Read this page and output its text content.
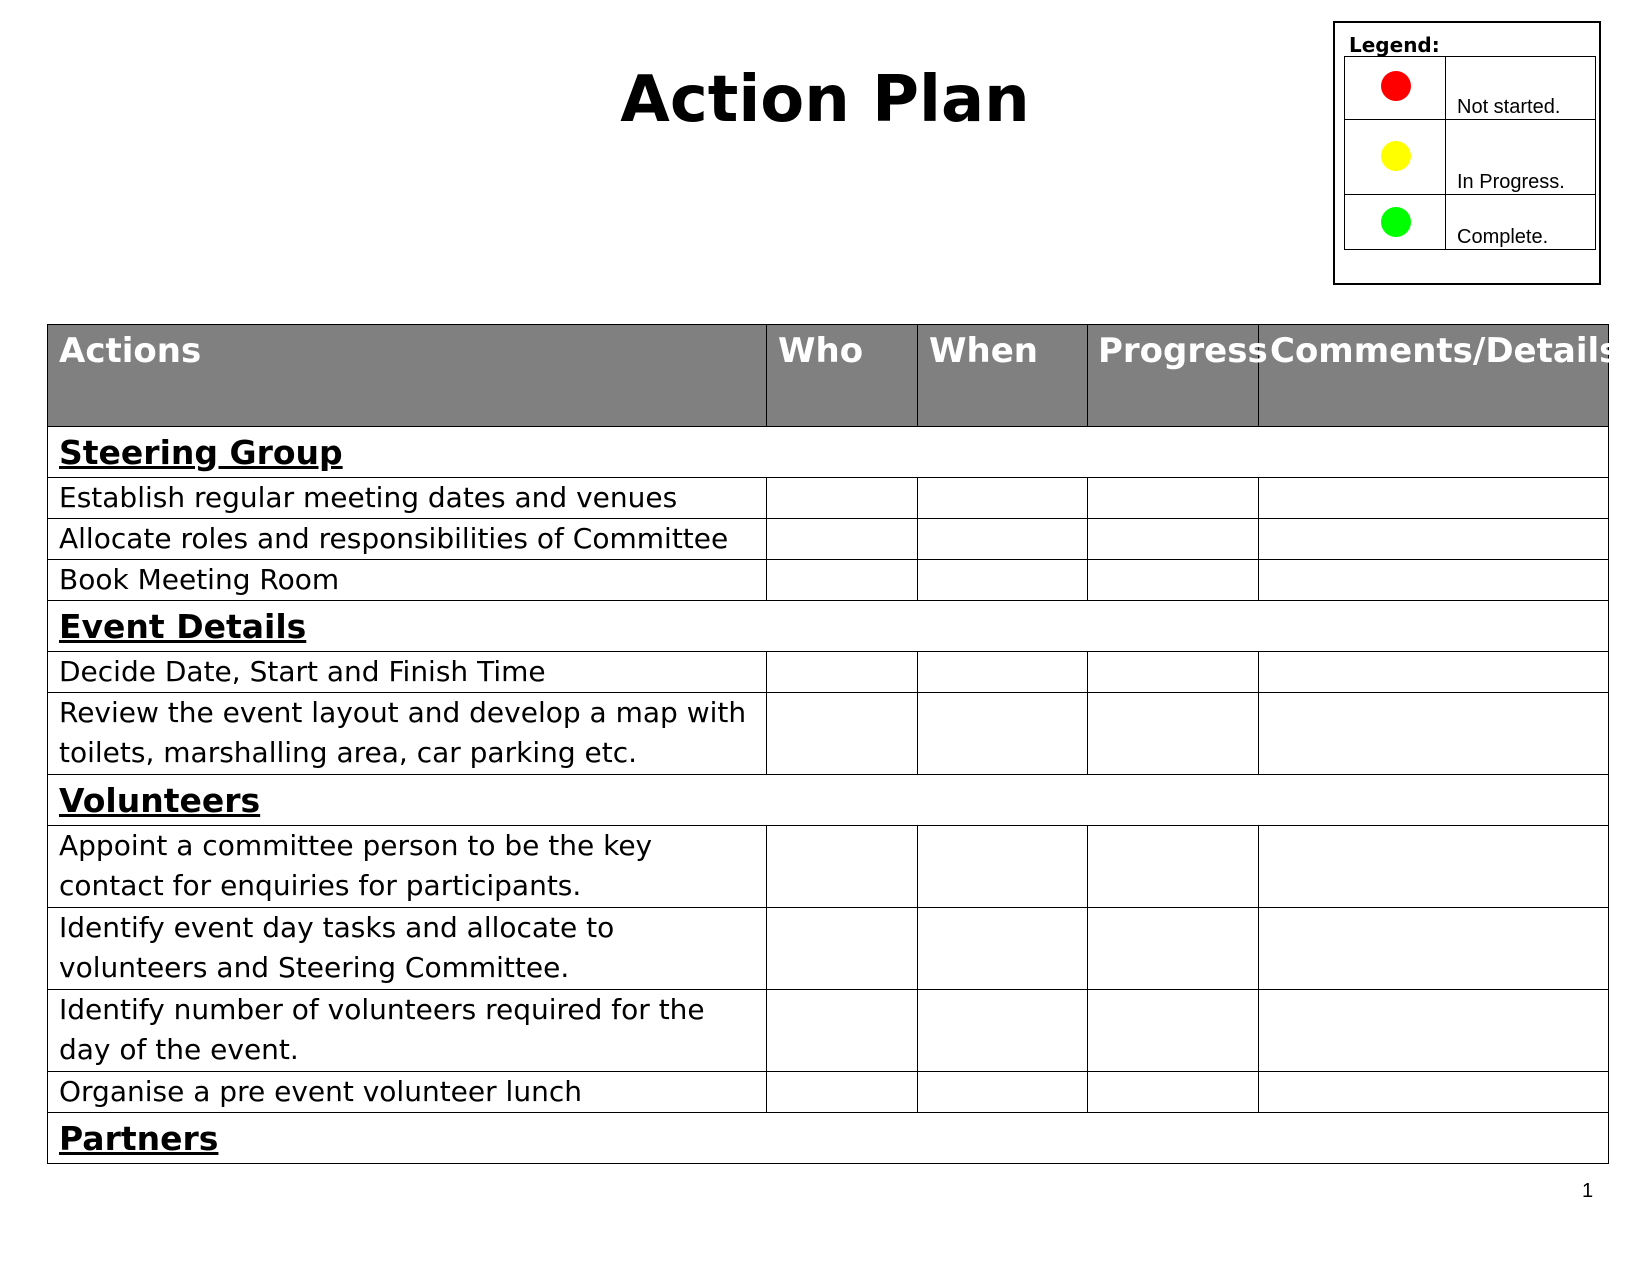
Action Plan
Legend:
	Not started.

	In Progress.

	Complete.
Actions	Who	When	Progress	Comments/Details
Steering Group				
Establish regular meeting dates and venues				
Allocate roles and responsibilities of Committee				
Book Meeting Room				
Event Details				
Decide Date, Start and Finish Time				
Review the event layout and develop a map with toilets, marshalling area, car parking etc.				
Volunteers				
Appoint a committee person to be the key contact for enquiries for participants.				
Identify event day tasks and allocate to volunteers and Steering Committee.				
Identify number of volunteers required for the day of the event.				
Organise a pre event volunteer lunch				
Partners				
1
